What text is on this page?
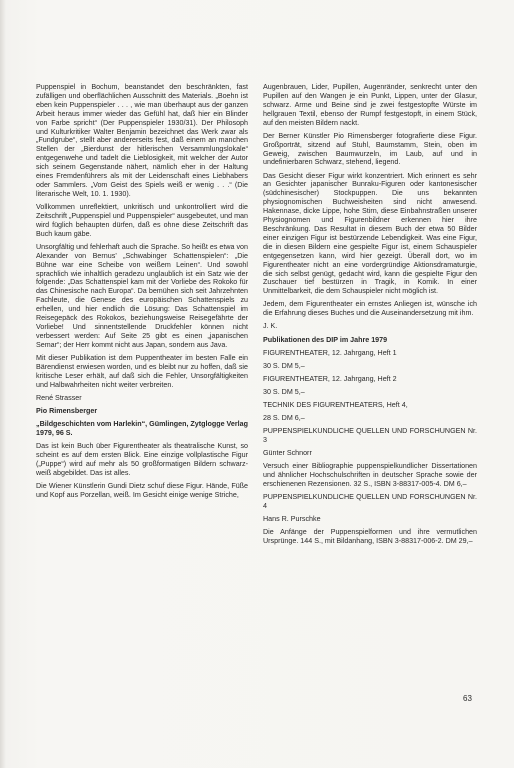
Puppenspiel in Bochum, beanstandet den beschränkten, fast zufälligen und oberflächlichen Ausschnitt des Materials. „Boehn ist eben kein Puppenspieler . . . , wie man überhaupt aus der ganzen Arbeit heraus immer wieder das Gefühl hat, daß hier ein Blinder von Farbe spricht“ (Der Puppenspieler 1930/31). Der Philosoph und Kulturkritiker Walter Benjamin bezeichnet das Werk zwar als „Fundgrube“, stellt aber andererseits fest, daß einem an manchen Stellen der „Bierdunst der hitlerischen Versammlungslokale“ entgegenwehe und tadelt die Lieblosigkeit, mit welcher der Autor sich seinem Gegenstande nähert, nämlich eher in der Haltung eines Fremdenführers als mit der Leidenschaft eines Liebhabers oder Sammlers. „Vom Geist des Spiels weiß er wenig . . .“ (Die literarische Welt, 10. 1. 1930).

Vollkommen unreflektiert, unkritisch und unkontrolliert wird die Zeitschrift „Puppenspiel und Puppenspieler“ ausgebeutet, und man wird füglich behaupten dürfen, daß es ohne diese Zeitschrift das Buch kaum gäbe.

Unsorgfältig und fehlerhaft auch die Sprache. So heißt es etwa von Alexander von Bernus’ „Schwabinger Schattenspielen“: „Die Bühne war eine Scheibe von weißem Leinen“. Und sowohl sprachlich wie inhaltlich geradezu unglaublich ist ein Satz wie der folgende: „Das Schattenspiel kam mit der Vorliebe des Rokoko für das Chinesische nach Europa“. Da bemühen sich seit Jahrzehnten Fachleute, die Genese des europäischen Schattenspiels zu erhellen, und hier endlich die Lösung: Das Schattenspiel im Reisegepäck des Rokokos, beziehungsweise Reisegefährte der Vorliebe! Und sinnentstellende Druckfehler können nicht verbessert werden: Auf Seite 25 gibt es einen „japanischen Semar“; der Herr kommt nicht aus Japan, sondern aus Java.

Mit dieser Publikation ist dem Puppentheater im besten Falle ein Bärendienst erwiesen worden, und es bleibt nur zu hoffen, daß sie kritische Leser erhält, auf daß sich die Fehler, Unsorgfältigkeiten und Halbwahrheiten nicht weiter verbreiten.

René Strasser

Pio Rimensberger

„Bildgeschichten vom Harlekin“, Gümlingen, Zytglogge Verlag 1979, 96 S.

Das ist kein Buch über Figurentheater als theatralische Kunst, so scheint es auf dem ersten Blick. Eine einzige vollplastische Figur („Puppe“) wird auf mehr als 50 großformatigen Bildern schwarz-weiß abgebildet. Das ist alles.

Die Wiener Künstlerin Gundi Dietz schuf diese Figur. Hände, Füße und Kopf aus Porzellan, weiß. Im Gesicht einige wenige Striche,

Augenbrauen, Lider, Pupillen, Augenränder, senkrecht unter den Pupillen auf den Wangen je ein Punkt, Lippen, unter der Glasur, schwarz. Arme und Beine sind je zwei festgestopfte Würste im hellgrauen Textil, ebenso der Rumpf festgestopft, in einem Stück, auf den meisten Bildern nackt.

Der Berner Künstler Pio Rimensberger fotografierte diese Figur. Großporträt, sitzend auf Stuhl, Baumstamm, Stein, oben im Geweig, zwischen Baumwurzeln, im Laub, auf und in undefinierbaren Schwarz, stehend, liegend.

Das Gesicht dieser Figur wirkt konzentriert. Mich erinnert es sehr an Gesichter japanischer Bunraku-Figuren oder kantonesischer (südchinesischer) Stockpuppen. Die uns bekannten physiognomischen Buchweisheiten sind nicht anwesend. Hakennase, dicke Lippe, hohe Stirn, diese Einbahnstraßen unserer Physiognomen und Figurenbildner erkennen hier ihre Beschränkung. Das Resultat in diesem Buch der etwa 50 Bilder einer einzigen Figur ist bestürzende Lebendigkeit. Was eine Figur, die in diesen Bildern eine gespielte Figur ist, einem Schauspieler entgegensetzen kann, wird hier gezeigt. Überall dort, wo im Figurentheater nicht an eine vordergründige Aktionsdramaturgie, die sich selbst genügt, gedacht wird, kann die gespielte Figur den Zuschauer tief bestürzen in Tragik, in Komik. In einer Unmittelbarkeit, die dem Schauspieler nicht möglich ist.

Jedem, dem Figurentheater ein ernstes Anliegen ist, wünsche ich die Erfahrung dieses Buches und die Auseinandersetzung mit ihm.

J. K.

Publikationen des DIP im Jahre 1979

FIGURENTHEATER, 12. Jahrgang, Heft 1

30 S. DM 5,–

FIGURENTHEATER, 12. Jahrgang, Heft 2

30 S. DM 5,–

TECHNIK DES FIGURENTHEATERS, Heft 4,

28 S. DM 6,–

PUPPENSPIELKUNDLICHE QUELLEN UND FORSCHUNGEN Nr. 3

Günter Schnorr

Versuch einer Bibliographie puppenspielkundlicher Dissertationen und ähnlicher Hochschulschriften in deutscher Sprache sowie der erschienenen Rezensionen. 32 S., ISBN 3-88317-005-4. DM 6,–

PUPPENSPIELKUNDLICHE QUELLEN UND FORSCHUNGEN Nr. 4

Hans R. Purschke

Die Anfänge der Puppenspielformen und ihre vermutlichen Ursprünge. 144 S., mit Bildanhang, ISBN 3-88317-006-2. DM 29,–

63
